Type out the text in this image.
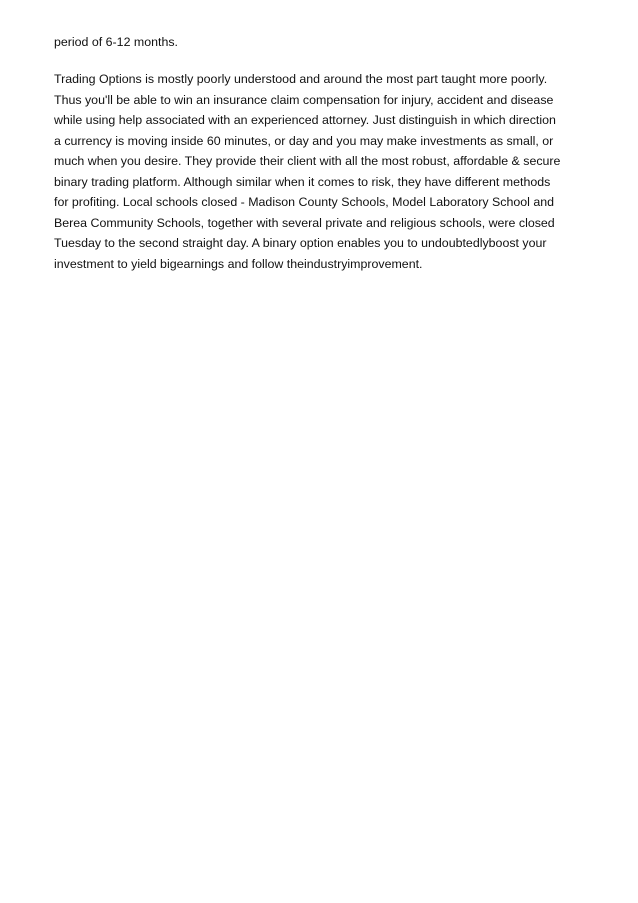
period of 6-12 months.

Trading Options is mostly poorly understood and around the most part taught more poorly.
Thus you'll be able to win an insurance claim compensation for injury, accident and disease
while using help associated with an experienced attorney. Just distinguish in which direction
a currency is moving inside 60 minutes, or day and you may make investments as small, or
much when you desire. They provide their client with all the most robust, affordable & secure
binary trading platform. Although similar when it comes to risk, they have different methods
for profiting. Local schools closed - Madison County Schools, Model Laboratory School and
Berea Community Schools, together with several private and religious schools, were closed
Tuesday to the second straight day. A binary option enables you to undoubtedlyboost your
investment to yield bigearnings and follow theindustryimprovement.
